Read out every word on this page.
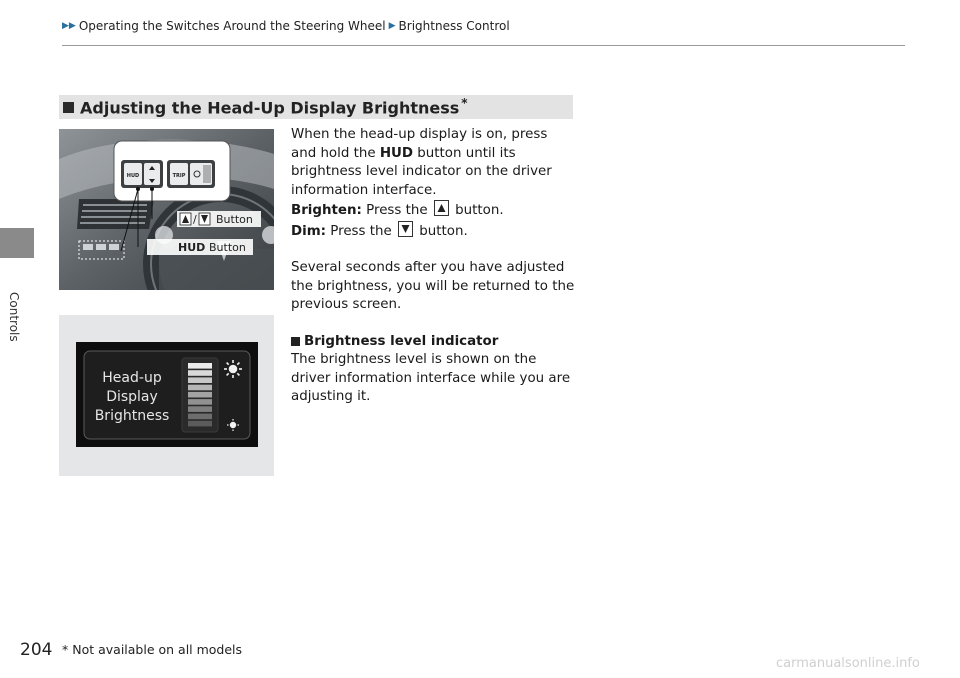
▶▶ Operating the Switches Around the Steering Wheel ▶ Brightness Control
Controls
Adjusting the Head-Up Display Brightness *
HUD	TRIP
/ Button
HUD Button
Head-up
Display
Brightness

When the head-up display is on, press and hold the HUD button until its brightness level indicator on the driver information interface.

Brighten: Press the
button.

Dim: Press the
button.

Several seconds after you have adjusted the brightness, you will be returned to the previous screen.

Brightness level indicator

The brightness level is shown on the driver information interface while you are adjusting it.

204 * Not available on all models
carmanualsonline.info
